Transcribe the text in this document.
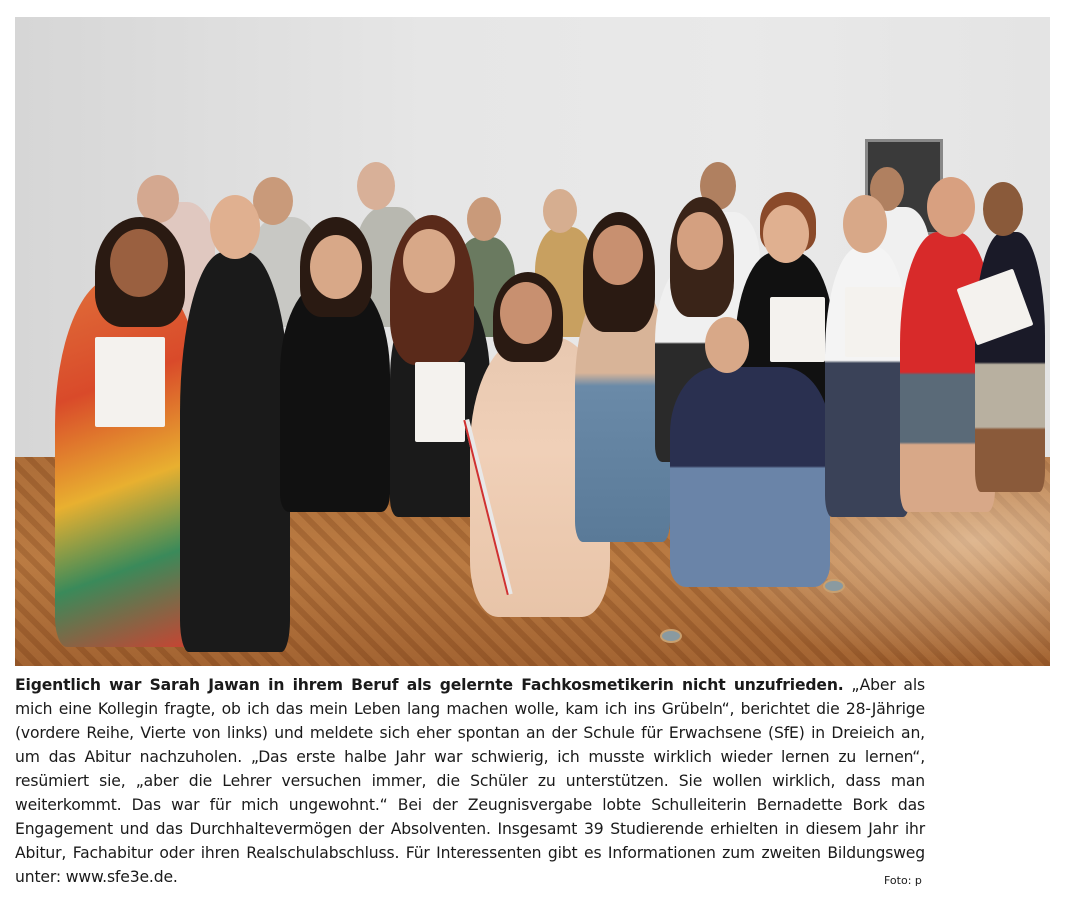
Eigentlich war Sarah Jawan in ihrem Beruf als gelernte Fachkosmetikerin nicht unzufrieden. „Aber als mich eine Kollegin fragte, ob ich das mein Leben lang machen wolle, kam ich ins Grübeln“, berichtet die 28-Jährige (vordere Reihe, Vierte von links) und meldete sich eher spontan an der Schule für Erwachsene (SfE) in Dreieich an, um das Abitur nachzuholen. „Das erste halbe Jahr war schwierig, ich musste wirklich wieder lernen zu lernen“, resümiert sie, „aber die Lehrer versuchen immer, die Schüler zu unterstützen. Sie wollen wirklich, dass man weiterkommt. Das war für mich ungewohnt.“ Bei der Zeugnisvergabe lobte Schulleiterin Bernadette Bork das Engagement und das Durchhaltevermögen der Absolventen. Insgesamt 39 Studierende erhielten in diesem Jahr ihr Abitur, Fachabitur oder ihren Realschulabschluss. Für Interessenten gibt es Informationen zum zweiten Bildungsweg unter: www.sfe3e.de.	Foto: p
